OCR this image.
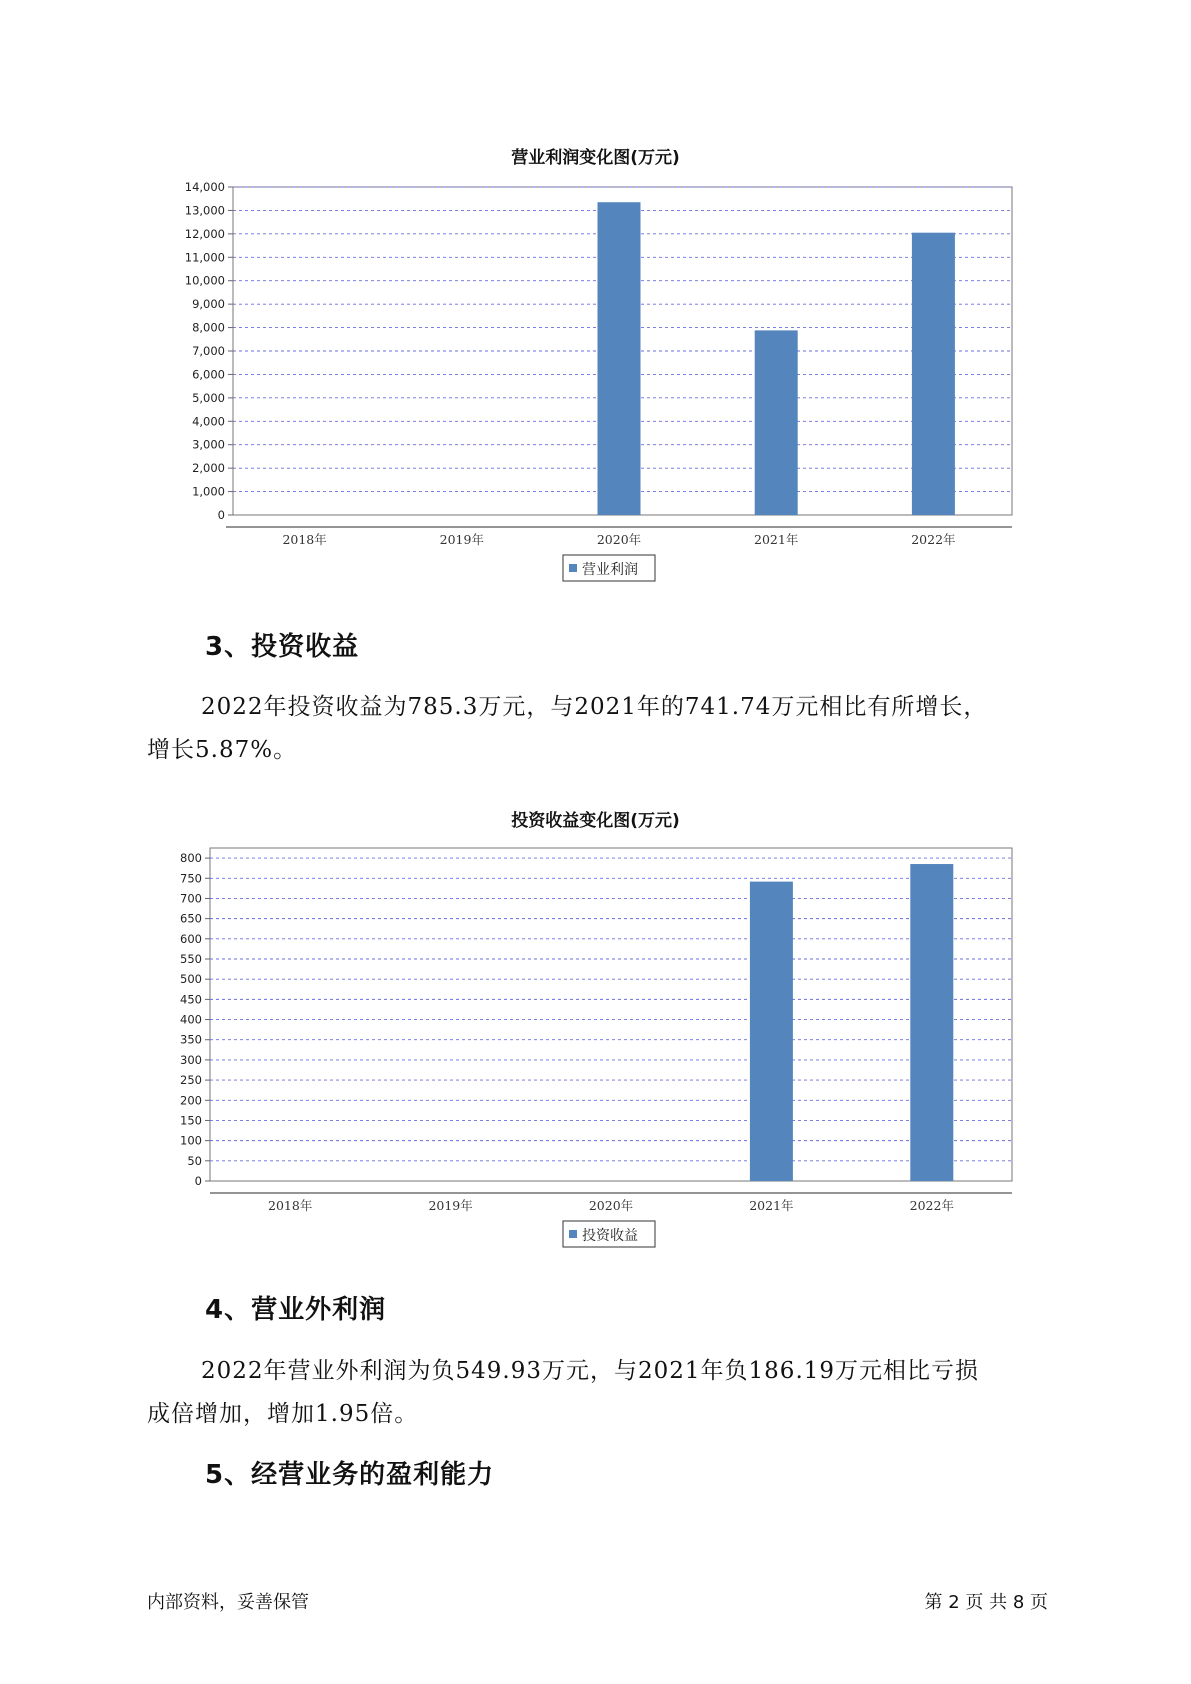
营业利润变化图(万元)
0
1,000
2,000
3,000
4,000
5,000
6,000
7,000
8,000
9,000
10,000
11,000
12,000
13,000
14,000
2018年	2019年	2020年	2021年	2022年
营业利润
3、投资收益
2022年投资收益为785.3万元，与2021年的741.74万元相比有所增长，
增长5.87%。
投资收益变化图(万元)
0
50
100
150
200
250
300
350
400
450
500
550
600
650
700
750
800
2018年	2019年	2020年	2021年	2022年
投资收益
4、营业外利润
2022年营业外利润为负549.93万元，与2021年负186.19万元相比亏损
成倍增加，增加1.95倍。
5、经营业务的盈利能力
内部资料，妥善保管	第 2 页 共 8 页
